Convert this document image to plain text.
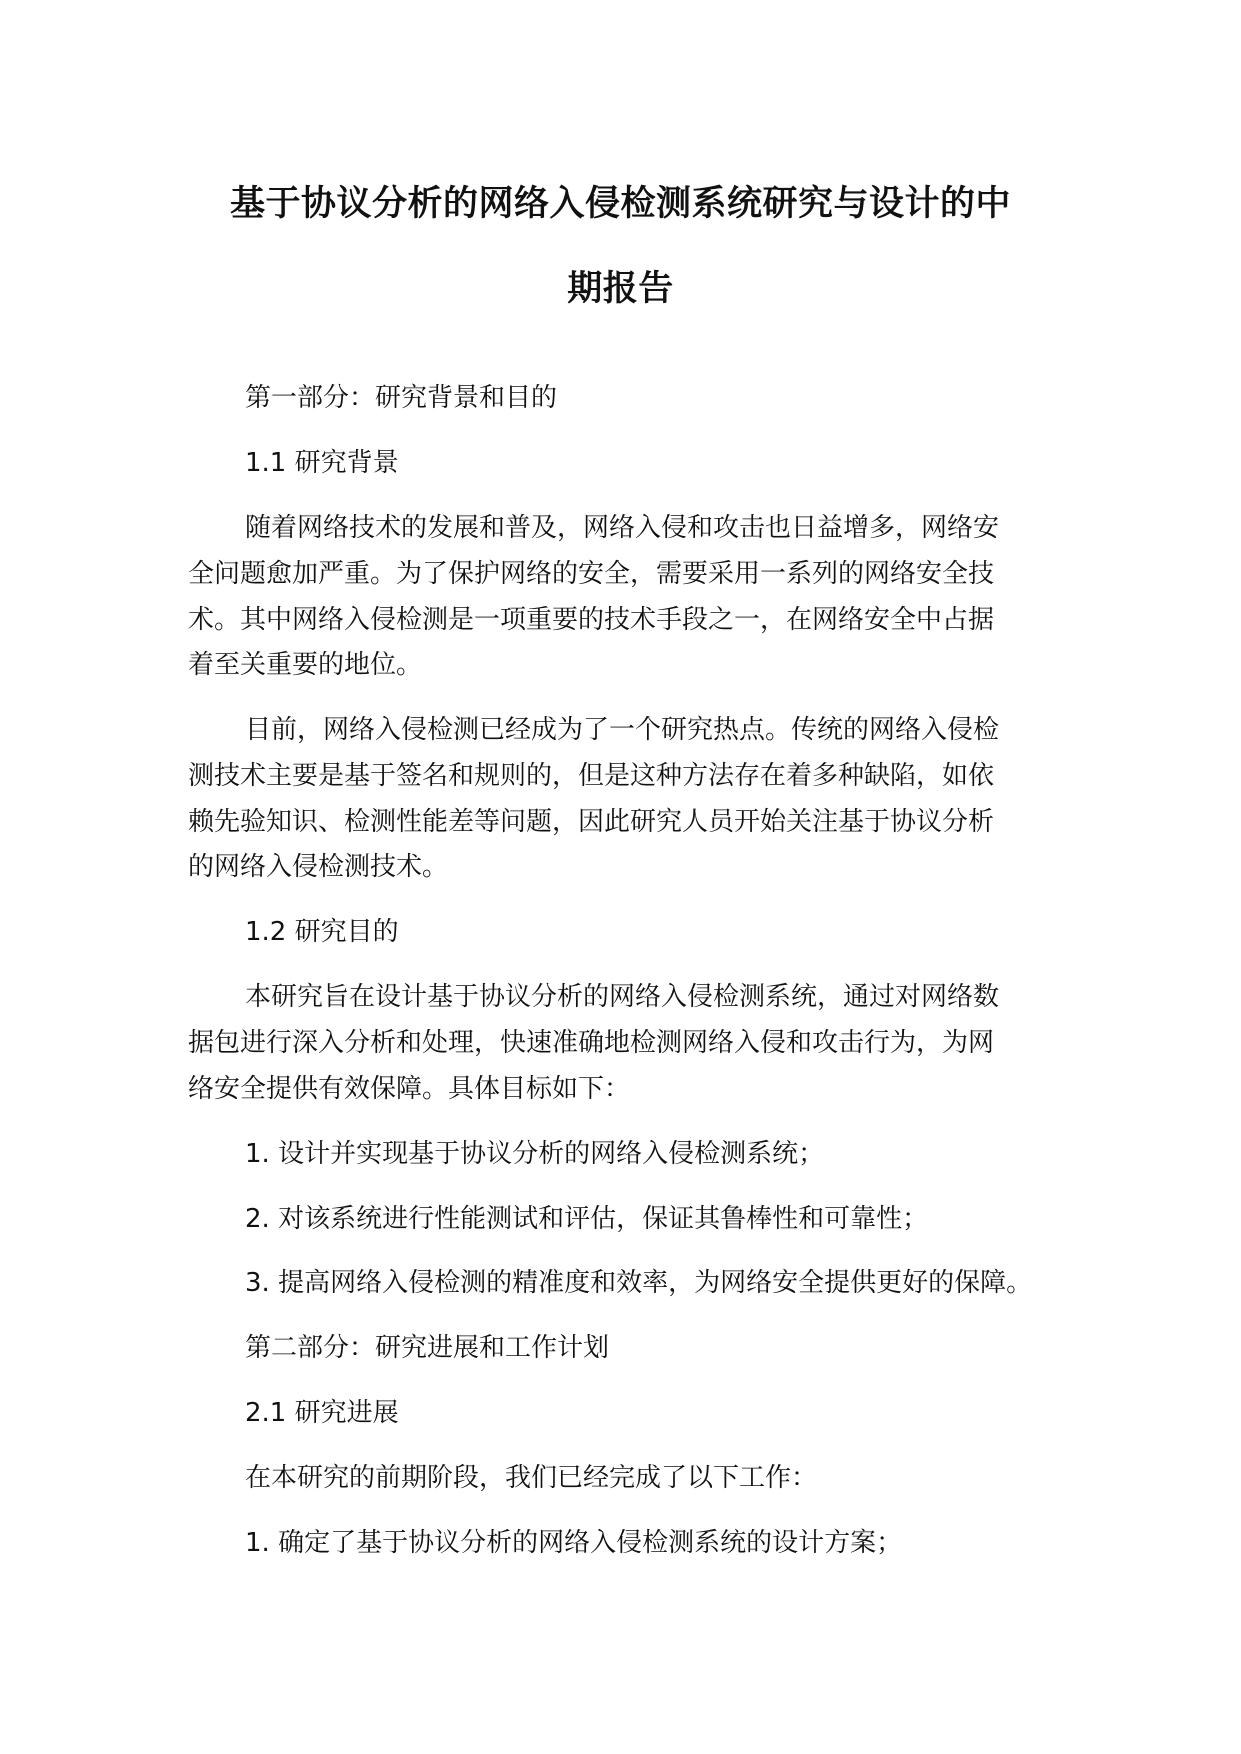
基于协议分析的网络入侵检测系统研究与设计的中
期报告

第一部分：研究背景和目的

1.1 研究背景

随着网络技术的发展和普及，网络入侵和攻击也日益增多，网络安

全问题愈加严重。为了保护网络的安全，需要采用一系列的网络安全技

术。其中网络入侵检测是一项重要的技术手段之一，在网络安全中占据

着至关重要的地位。

目前，网络入侵检测已经成为了一个研究热点。传统的网络入侵检

测技术主要是基于签名和规则的，但是这种方法存在着多种缺陷，如依

赖先验知识、检测性能差等问题，因此研究人员开始关注基于协议分析

的网络入侵检测技术。

1.2 研究目的

本研究旨在设计基于协议分析的网络入侵检测系统，通过对网络数

据包进行深入分析和处理，快速准确地检测网络入侵和攻击行为，为网

络安全提供有效保障。具体目标如下：

1. 设计并实现基于协议分析的网络入侵检测系统；

2. 对该系统进行性能测试和评估，保证其鲁棒性和可靠性；

3. 提高网络入侵检测的精准度和效率，为网络安全提供更好的保障。

第二部分：研究进展和工作计划

2.1 研究进展

在本研究的前期阶段，我们已经完成了以下工作：

1. 确定了基于协议分析的网络入侵检测系统的设计方案；
